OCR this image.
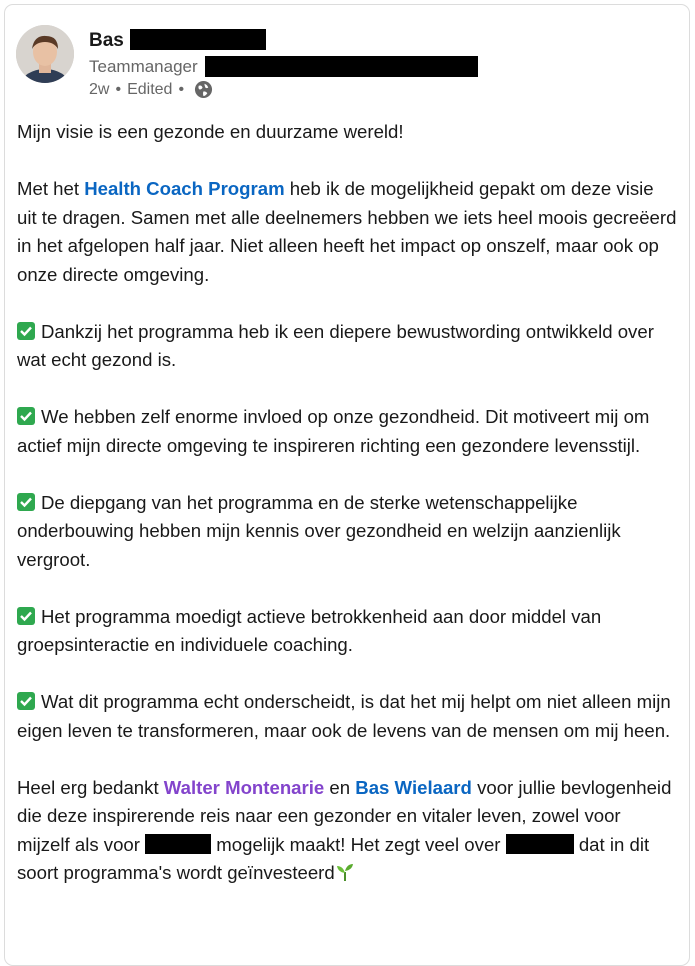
Bas
Teammanager
2w • Edited •

Mijn visie is een gezonde en duurzame wereld!

Met het Health Coach Program heb ik de mogelijkheid gepakt om deze visie uit te dragen. Samen met alle deelnemers hebben we iets heel moois gecreëerd in het afgelopen half jaar. Niet alleen heeft het impact op onszelf, maar ook op onze directe omgeving.

Dankzij het programma heb ik een diepere bewustwording ontwikkeld over wat echt gezond is.

We hebben zelf enorme invloed op onze gezondheid. Dit motiveert mij om actief mijn directe omgeving te inspireren richting een gezondere levensstijl.

De diepgang van het programma en de sterke wetenschappelijke onderbouwing hebben mijn kennis over gezondheid en welzijn aanzienlijk vergroot.

Het programma moedigt actieve betrokkenheid aan door middel van groepsinteractie en individuele coaching.

Wat dit programma echt onderscheidt, is dat het mij helpt om niet alleen mijn eigen leven te transformeren, maar ook de levens van de mensen om mij heen.

Heel erg bedankt Walter Montenarie en Bas Wielaard voor jullie bevlogenheid die deze inspirerende reis naar een gezonder en vitaler leven, zowel voor mijzelf als voor	mogelijk maakt! Het zegt veel over	dat in dit soort programma's wordt geïnvesteerd
